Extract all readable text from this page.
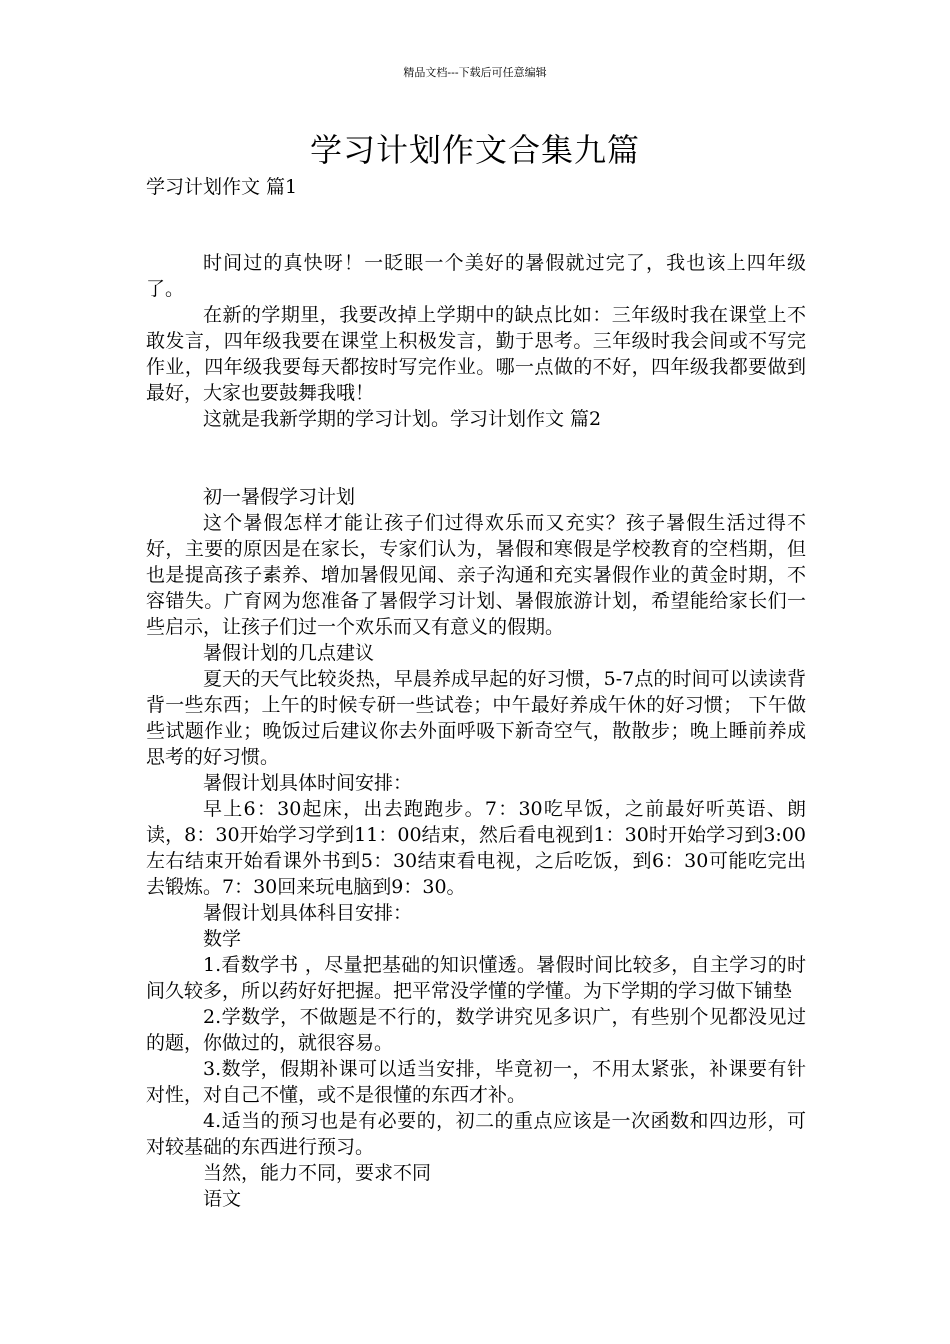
精品文档---下载后可任意编辑
学习计划作文合集九篇
学习计划作文 篇1

时间过的真快呀！一眨眼一个美好的暑假就过完了，我也该上四年级了。

在新的学期里，我要改掉上学期中的缺点比如：三年级时我在课堂上不敢发言，四年级我要在课堂上积极发言，勤于思考。三年级时我会间或不写完作业，四年级我要每天都按时写完作业。哪一点做的不好，四年级我都要做到最好，大家也要鼓舞我哦！

这就是我新学期的学习计划。学习计划作文 篇2

初一暑假学习计划

这个暑假怎样才能让孩子们过得欢乐而又充实？孩子暑假生活过得不好，主要的原因是在家长，专家们认为，暑假和寒假是学校教育的空档期，但也是提高孩子素养、增加暑假见闻、亲子沟通和充实暑假作业的黄金时期，不容错失。广育网为您准备了暑假学习计划、暑假旅游计划，希望能给家长们一些启示，让孩子们过一个欢乐而又有意义的假期。

暑假计划的几点建议

夏天的天气比较炎热，早晨养成早起的好习惯，5-7点的时间可以读读背背一些东西；上午的时候专研一些试卷；中午最好养成午休的好习惯； 下午做些试题作业；晚饭过后建议你去外面呼吸下新奇空气，散散步；晚上睡前养成思考的好习惯。

暑假计划具体时间安排：

早上6：30起床，出去跑跑步。7：30吃早饭，之前最好听英语、朗读，8：30开始学习学到11：00结束，然后看电视到1：30时开始学习到3:00左右结束开始看课外书到5：30结束看电视，之后吃饭，到6：30可能吃完出去锻炼。7：30回来玩电脑到9：30。

暑假计划具体科目安排：

数学

1.看数学书 ，尽量把基础的知识懂透。暑假时间比较多，自主学习的时间久较多，所以药好好把握。把平常没学懂的学懂。为下学期的学习做下铺垫

2.学数学，不做题是不行的，数学讲究见多识广，有些别个见都没见过的题，你做过的，就很容易。

3.数学，假期补课可以适当安排，毕竟初一，不用太紧张，补课要有针对性，对自己不懂，或不是很懂的东西才补。

4.适当的预习也是有必要的，初二的重点应该是一次函数和四边形，可对较基础的东西进行预习。

当然，能力不同，要求不同

语文
